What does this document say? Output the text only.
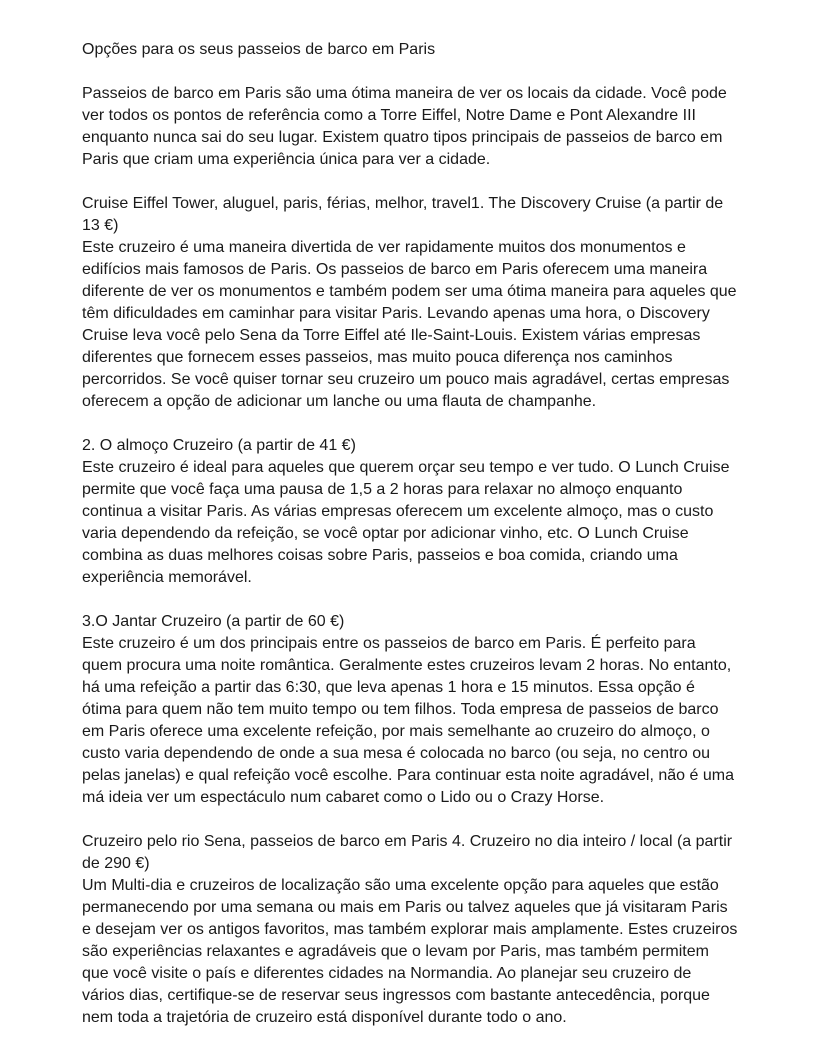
Opções para os seus passeios de barco em Paris

Passeios de barco em Paris são uma ótima maneira de ver os locais da cidade. Você pode ver todos os pontos de referência como a Torre Eiffel, Notre Dame e Pont Alexandre III enquanto nunca sai do seu lugar. Existem quatro tipos principais de passeios de barco em Paris que criam uma experiência única para ver a cidade.

Cruise Eiffel Tower, aluguel, paris, férias, melhor, travel1. The Discovery Cruise (a partir de 13 €)

Este cruzeiro é uma maneira divertida de ver rapidamente muitos dos monumentos e edifícios mais famosos de Paris. Os passeios de barco em Paris oferecem uma maneira diferente de ver os monumentos e também podem ser uma ótima maneira para aqueles que têm dificuldades em caminhar para visitar Paris. Levando apenas uma hora, o Discovery Cruise leva você pelo Sena da Torre Eiffel até Ile-Saint-Louis. Existem várias empresas diferentes que fornecem esses passeios, mas muito pouca diferença nos caminhos percorridos. Se você quiser tornar seu cruzeiro um pouco mais agradável, certas empresas oferecem a opção de adicionar um lanche ou uma flauta de champanhe.

2. O almoço Cruzeiro (a partir de 41 €)

Este cruzeiro é ideal para aqueles que querem orçar seu tempo e ver tudo. O Lunch Cruise permite que você faça uma pausa de 1,5 a 2 horas para relaxar no almoço enquanto continua a visitar Paris. As várias empresas oferecem um excelente almoço, mas o custo varia dependendo da refeição, se você optar por adicionar vinho, etc. O Lunch Cruise combina as duas melhores coisas sobre Paris, passeios e boa comida, criando uma experiência memorável.

3.O Jantar Cruzeiro (a partir de 60 €)

Este cruzeiro é um dos principais entre os passeios de barco em Paris. É perfeito para quem procura uma noite romântica. Geralmente estes cruzeiros levam 2 horas. No entanto, há uma refeição a partir das 6:30, que leva apenas 1 hora e 15 minutos. Essa opção é ótima para quem não tem muito tempo ou tem filhos. Toda empresa de passeios de barco em Paris oferece uma excelente refeição, por mais semelhante ao cruzeiro do almoço, o custo varia dependendo de onde a sua mesa é colocada no barco (ou seja, no centro ou pelas janelas) e qual refeição você escolhe. Para continuar esta noite agradável, não é uma má ideia ver um espectáculo num cabaret como o Lido ou o Crazy Horse.

Cruzeiro pelo rio Sena, passeios de barco em Paris 4. Cruzeiro no dia inteiro / local (a partir de 290 €)

Um Multi-dia e cruzeiros de localização são uma excelente opção para aqueles que estão permanecendo por uma semana ou mais em Paris ou talvez aqueles que já visitaram Paris e desejam ver os antigos favoritos, mas também explorar mais amplamente. Estes cruzeiros são experiências relaxantes e agradáveis que o levam por Paris, mas também permitem que você visite o país e diferentes cidades na Normandia. Ao planejar seu cruzeiro de vários dias, certifique-se de reservar seus ingressos com bastante antecedência, porque nem toda a trajetória de cruzeiro está disponível durante todo o ano.
